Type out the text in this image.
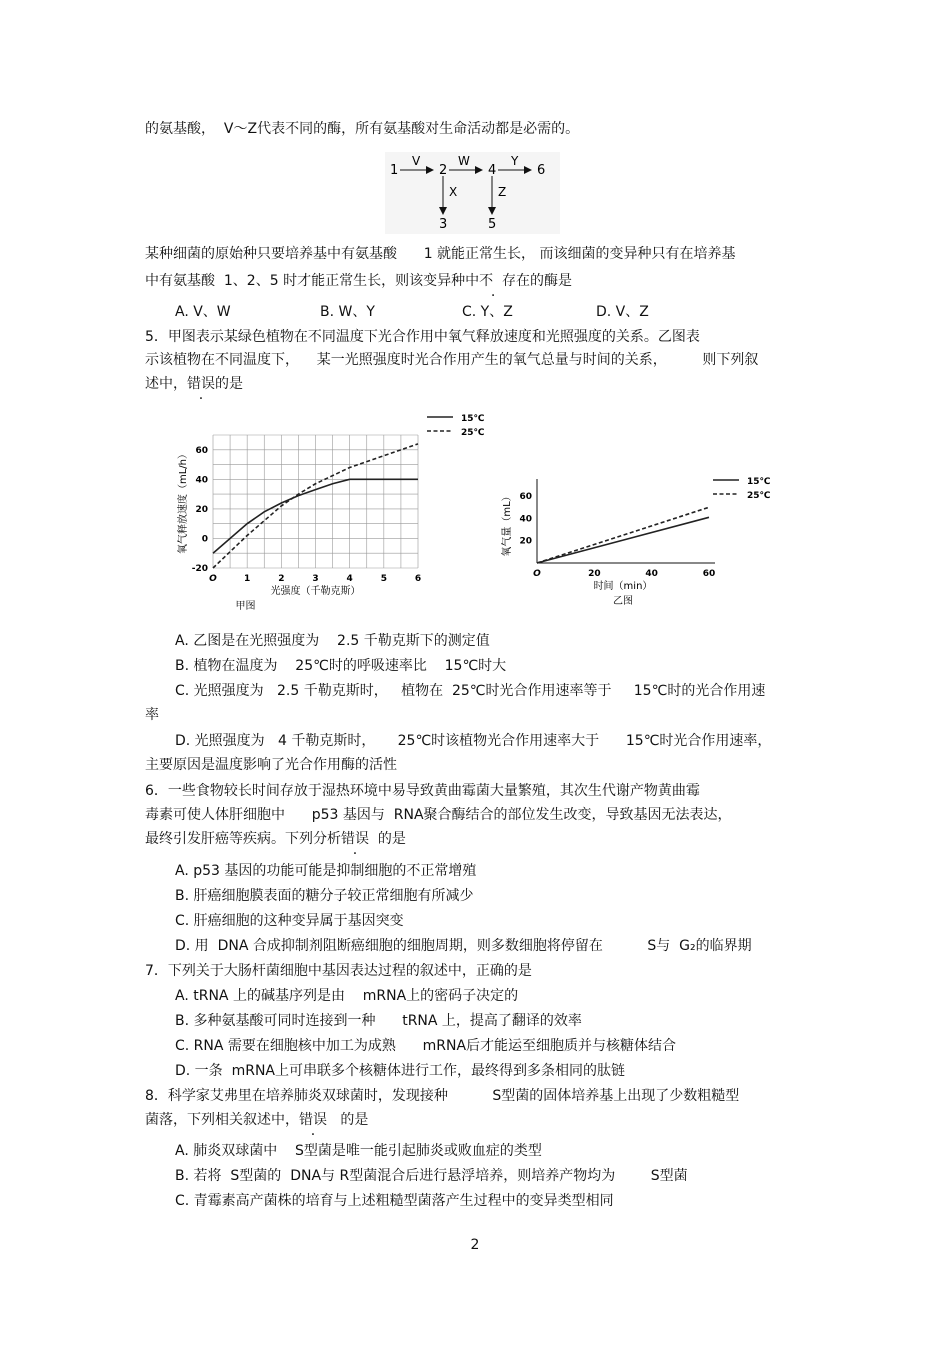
的氨基酸，  V～Z代表不同的酶，所有氨基酸对生命活动都是必需的。
1
V
2
W
4
Y
6
X
3
Z
5
某种细菌的原始种只要培养基中有氨基酸      1 就能正常生长， 而该细菌的变异种只有在培养基
中有氨基酸  1、2、5 时才能正常生长，则该变异种中不  存在的酶是
A. V、W	B. W、Y	C. Y、Z	D. V、Z
5．甲图表示某绿色植物在不同温度下光合作用中氧气释放速度和光照强度的关系。乙图表
示该植物在不同温度下，    某一光照强度时光合作用产生的氧气总量与时间的关系，        则下列叙
述中，错误的是
O	1	2	3	4	5	6
-20
0
20
40
60
光强度（千勒克斯）
氧气释放速度（mL/h）
甲图
15℃
25℃
O	20	40	60
20
40
60
时间（min）
氧气量（mL）
乙图
15℃
25℃
A. 乙图是在光照强度为    2.5 千勒克斯下的测定值
B. 植物在温度为    25℃时的呼吸速率比    15℃时大
C. 光照强度为   2.5 千勒克斯时，   植物在  25℃时光合作用速率等于     15℃时的光合作用速
率
D. 光照强度为   4 千勒克斯时，     25℃时该植物光合作用速率大于      15℃时光合作用速率，
主要原因是温度影响了光合作用酶的活性
6．一些食物较长时间存放于湿热环境中易导致黄曲霉菌大量繁殖，其次生代谢产物黄曲霉
毒素可使人体肝细胞中      p53 基因与  RNA聚合酶结合的部位发生改变，导致基因无法表达，
最终引发肝癌等疾病。下列分析错误  的是
A. p53 基因的功能可能是抑制细胞的不正常增殖
B. 肝癌细胞膜表面的糖分子较正常细胞有所减少
C. 肝癌细胞的这种变异属于基因突变
D. 用  DNA 合成抑制剂阻断癌细胞的细胞周期，则多数细胞将停留在          S与  G₂的临界期
7．下列关于大肠杆菌细胞中基因表达过程的叙述中，正确的是
A. tRNA 上的碱基序列是由    mRNA上的密码子决定的
B. 多种氨基酸可同时连接到一种      tRNA 上，提高了翻译的效率
C. RNA 需要在细胞核中加工为成熟      mRNA后才能运至细胞质并与核糖体结合
D. 一条  mRNA上可串联多个核糖体进行工作，最终得到多条相同的肽链
8．科学家艾弗里在培养肺炎双球菌时，发现接种          S型菌的固体培养基上出现了少数粗糙型
菌落，下列相关叙述中，错误   的是
A. 肺炎双球菌中    S型菌是唯一能引起肺炎或败血症的类型
B. 若将  S型菌的  DNA与 R型菌混合后进行悬浮培养，则培养产物均为        S型菌
C. 青霉素高产菌株的培育与上述粗糙型菌落产生过程中的变异类型相同
2
